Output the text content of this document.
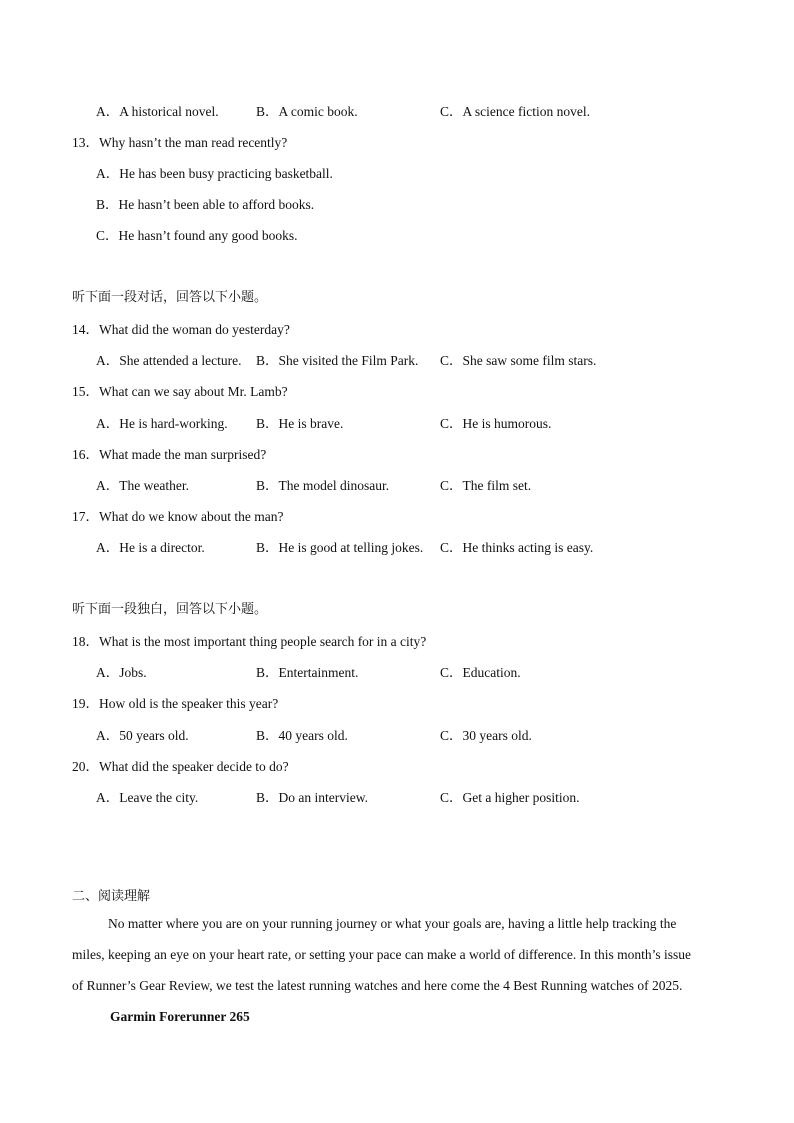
A．A historical novel.	B．A comic book.	C．A science fiction novel.
13．Why hasn’t the man read recently?
A．He has been busy practicing basketball.
B．He hasn’t been able to afford books.
C．He hasn’t found any good books.
听下面一段对话，回答以下小题。
14．What did the woman do yesterday?
A．She attended a lecture. B．She visited the Film Park. C．She saw some film stars.
15．What can we say about Mr. Lamb?
A．He is hard-working. B．He is brave.	C．He is humorous.
16．What made the man surprised?
A．The weather.	B．The model dinosaur.	C．The film set.
17．What do we know about the man?
A．He is a director.	B．He is good at telling jokes. C．He thinks acting is easy.
听下面一段独白，回答以下小题。
18．What is the most important thing people search for in a city?
A．Jobs.	B．Entertainment.	C．Education.
19．How old is the speaker this year?
A．50 years old.	B．40 years old.	C．30 years old.
20．What did the speaker decide to do?
A．Leave the city.	B．Do an interview.	C．Get a higher position.
二、阅读理解
No matter where you are on your running journey or what your goals are, having a little help tracking the
miles, keeping an eye on your heart rate, or setting your pace can make a world of difference. In this month’s issue
of Runner’s Gear Review, we test the latest running watches and here come the 4 Best Running watches of 2025.
Garmin Forerunner 265
